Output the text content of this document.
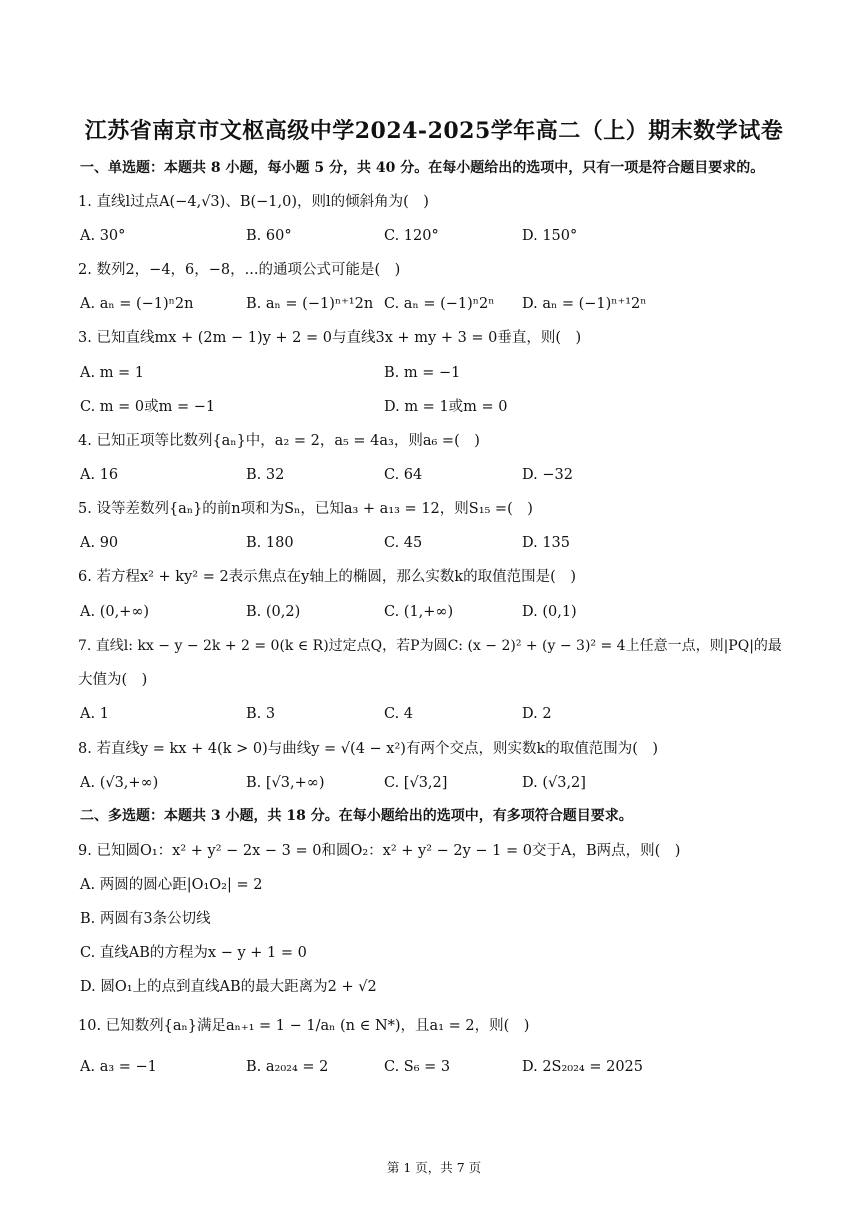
江苏省南京市文枢高级中学2024-2025学年高二（上）期末数学试卷
一、单选题：本题共 8 小题，每小题 5 分，共 40 分。在每小题给出的选项中，只有一项是符合题目要求的。
1. 直线l过点A(−4,√3)、B(−1,0)，则l的倾斜角为(　)
A. 30°	B. 60°	C. 120°	D. 150°
2. 数列2，−4，6，−8，...的通项公式可能是(　)
A. aₙ = (−1)ⁿ2n	B. aₙ = (−1)ⁿ⁺¹2n C. aₙ = (−1)ⁿ2ⁿ D. aₙ = (−1)ⁿ⁺¹2ⁿ
3. 已知直线mx + (2m − 1)y + 2 = 0与直线3x + my + 3 = 0垂直，则(　)
A. m = 1	B. m = −1
C. m = 0或m = −1	D. m = 1或m = 0
4. 已知正项等比数列{aₙ}中，a₂ = 2，a₅ = 4a₃，则a₆ =(　)
A. 16	B. 32	C. 64	D. −32
5. 设等差数列{aₙ}的前n项和为Sₙ，已知a₃ + a₁₃ = 12，则S₁₅ =(　)
A. 90	B. 180	C. 45	D. 135
6. 若方程x² + ky² = 2表示焦点在y轴上的椭圆，那么实数k的取值范围是(　)
A. (0,+∞)	B. (0,2)	C. (1,+∞)	D. (0,1)
7. 直线l: kx − y − 2k + 2 = 0(k ∈ R)过定点Q，若P为圆C: (x − 2)² + (y − 3)² = 4上任意一点，则|PQ|的最
大值为(　)
A. 1	B. 3	C. 4	D. 2
8. 若直线y = kx + 4(k > 0)与曲线y = √(4 − x²)有两个交点，则实数k的取值范围为(　)
A. (√3,+∞)	B. [√3,+∞)	C. [√3,2]	D. (√3,2]
二、多选题：本题共 3 小题，共 18 分。在每小题给出的选项中，有多项符合题目要求。
9. 已知圆O₁：x² + y² − 2x − 3 = 0和圆O₂：x² + y² − 2y − 1 = 0交于A，B两点，则(　)
A. 两圆的圆心距|O₁O₂| = 2
B. 两圆有3条公切线
C. 直线AB的方程为x − y + 1 = 0
D. 圆O₁上的点到直线AB的最大距离为2 + √2
10. 已知数列{aₙ}满足aₙ₊₁ = 1 − 1/aₙ (n ∈ N*)，且a₁ = 2，则(　)
A. a₃ = −1	B. a₂₀₂₄ = 2	C. S₆ = 3	D. 2S₂₀₂₄ = 2025
第 1 页，共 7 页
